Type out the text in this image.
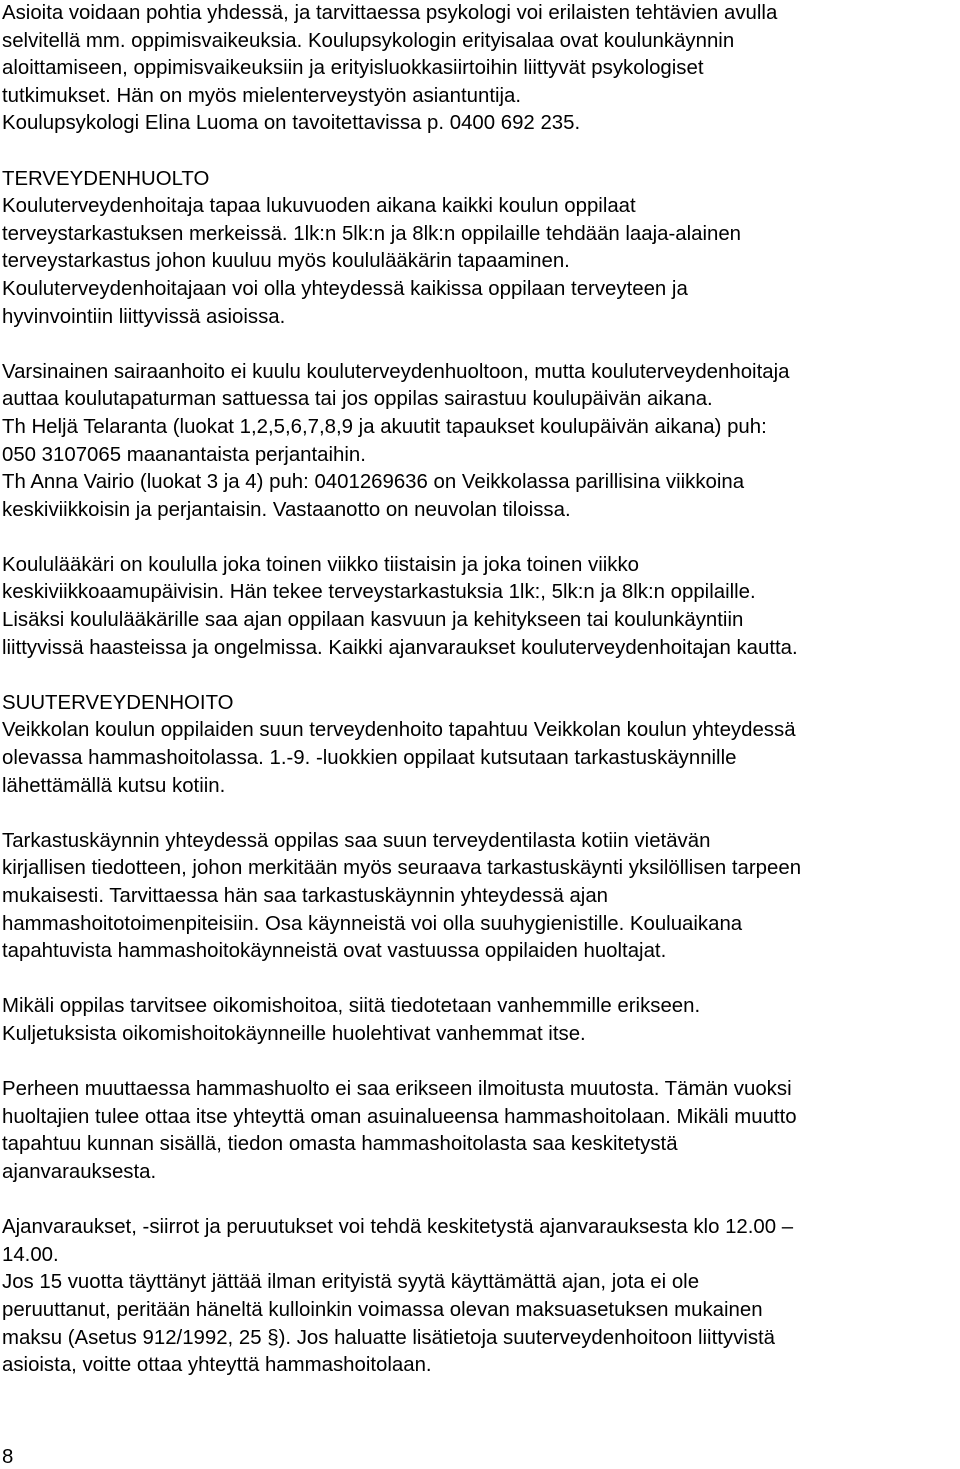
Asioita voidaan pohtia yhdessä, ja tarvittaessa psykologi voi erilaisten tehtävien avulla
selvitellä mm. oppimisvaikeuksia. Koulupsykologin erityisalaa ovat koulunkäynnin
aloittamiseen, oppimisvaikeuksiin ja erityisluokkasiirtoihin liittyvät psykologiset
tutkimukset. Hän on myös mielenterveystyön asiantuntija.
Koulupsykologi Elina Luoma on tavoitettavissa p. 0400 692 235.
TERVEYDENHUOLTO
Kouluterveydenhoitaja tapaa lukuvuoden aikana kaikki koulun oppilaat
terveystarkastuksen merkeissä. 1lk:n 5lk:n ja 8lk:n oppilaille tehdään laaja-alainen
terveystarkastus johon kuuluu myös koululääkärin tapaaminen.
Kouluterveydenhoitajaan voi olla yhteydessä kaikissa oppilaan terveyteen ja
hyvinvointiin liittyvissä asioissa.
Varsinainen sairaanhoito ei kuulu kouluterveydenhuoltoon, mutta kouluterveydenhoitaja
auttaa koulutapaturman sattuessa tai jos oppilas sairastuu koulupäivän aikana.
Th Heljä Telaranta (luokat 1,2,5,6,7,8,9 ja akuutit tapaukset koulupäivän aikana) puh:
050 3107065 maanantaista perjantaihin.
Th Anna Vairio (luokat 3 ja 4) puh: 0401269636 on Veikkolassa parillisina viikkoina
keskiviikkoisin ja perjantaisin. Vastaanotto on neuvolan tiloissa.
Koululääkäri on koululla joka toinen viikko tiistaisin ja joka toinen viikko
keskiviikkoaamupäivisin. Hän tekee terveystarkastuksia 1lk:, 5lk:n ja 8lk:n oppilaille.
Lisäksi koululääkärille saa ajan oppilaan kasvuun ja kehitykseen tai koulunkäyntiin
liittyvissä haasteissa ja ongelmissa. Kaikki ajanvaraukset kouluterveydenhoitajan kautta.
SUUTERVEYDENHOITO
Veikkolan koulun oppilaiden suun terveydenhoito tapahtuu Veikkolan koulun yhteydessä
olevassa hammashoitolassa. 1.-9. -luokkien oppilaat kutsutaan tarkastuskäynnille
lähettämällä kutsu kotiin.
Tarkastuskäynnin yhteydessä oppilas saa suun terveydentilasta kotiin vietävän
kirjallisen tiedotteen, johon merkitään myös seuraava tarkastuskäynti yksilöllisen tarpeen
mukaisesti. Tarvittaessa hän saa tarkastuskäynnin yhteydessä ajan
hammashoitotoimenpiteisiin. Osa käynneistä voi olla suuhygienistille. Kouluaikana
tapahtuvista hammashoitokäynneistä ovat vastuussa oppilaiden huoltajat.
Mikäli oppilas tarvitsee oikomishoitoa, siitä tiedotetaan vanhemmille erikseen.
Kuljetuksista oikomishoitokäynneille huolehtivat vanhemmat itse.
Perheen muuttaessa hammashuolto ei saa erikseen ilmoitusta muutosta. Tämän vuoksi
huoltajien tulee ottaa itse yhteyttä oman asuinalueensa hammashoitolaan. Mikäli muutto
tapahtuu kunnan sisällä, tiedon omasta hammashoitolasta saa keskitetystä
ajanvarauksesta.
Ajanvaraukset, -siirrot ja peruutukset voi tehdä keskitetystä ajanvarauksesta klo 12.00 –
14.00.
Jos 15 vuotta täyttänyt jättää ilman erityistä syytä käyttämättä ajan, jota ei ole
peruuttanut, peritään häneltä kulloinkin voimassa olevan maksuasetuksen mukainen
maksu (Asetus 912/1992, 25 §). Jos haluatte lisätietoja suuterveydenhoitoon liittyvistä
asioista, voitte ottaa yhteyttä hammashoitolaan.
8
